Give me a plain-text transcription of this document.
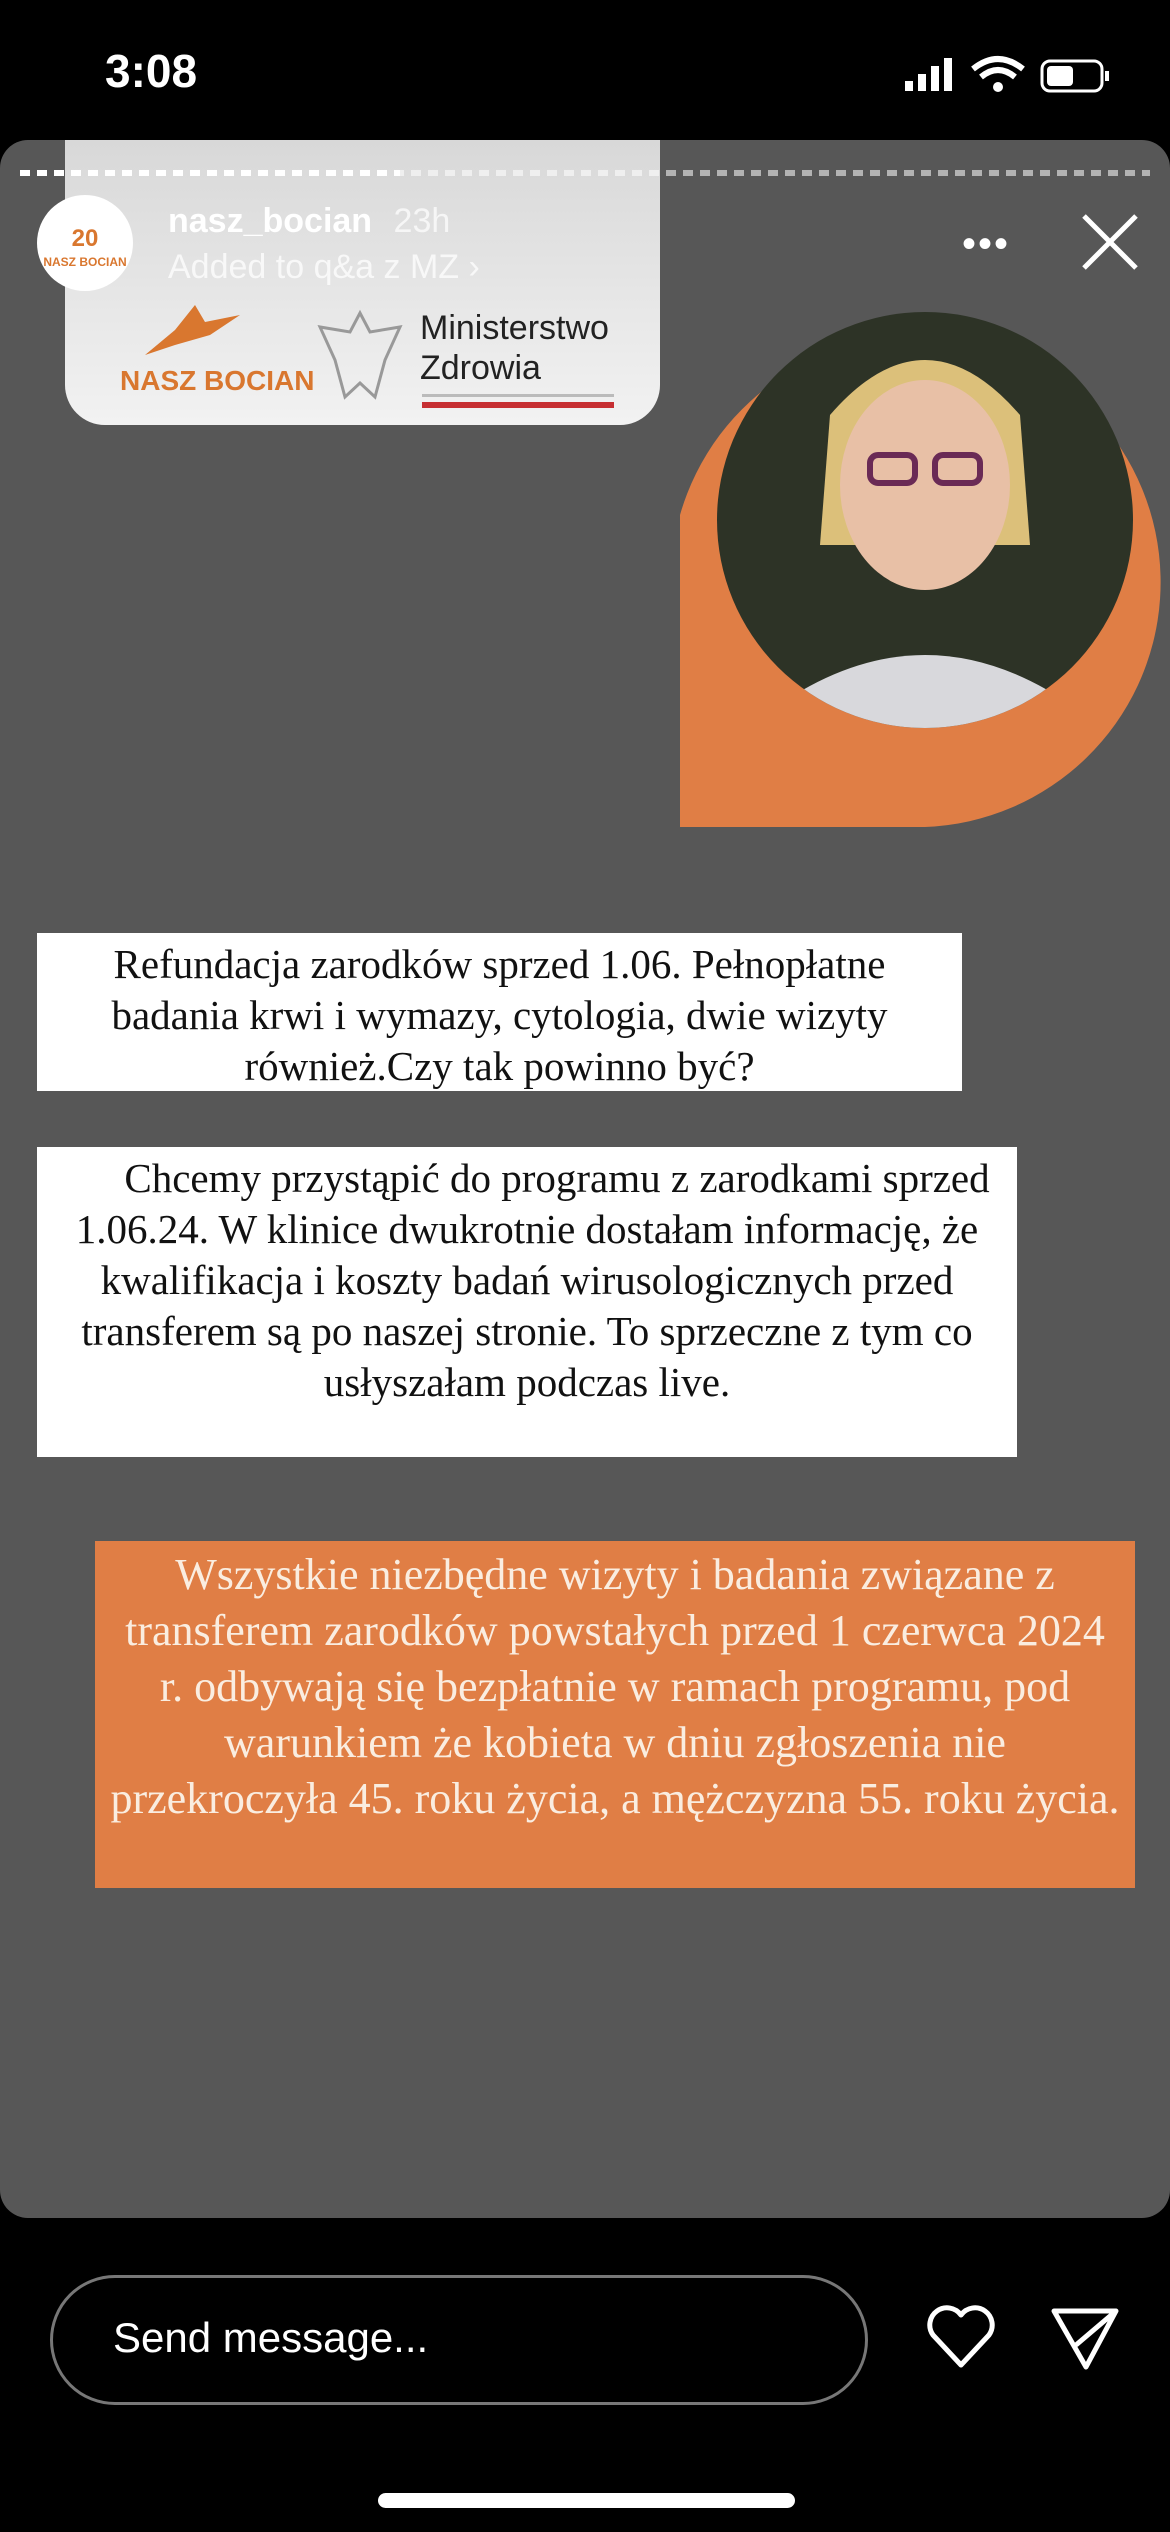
3:08
NASZ BOCIAN
Ministerstwo
Zdrowia
20
NASZ BOCIAN
nasz_bocian 23h
Added to q&a z MZ ›
•••
Refundacja zarodków sprzed 1.06. Pełnopłatne badania krwi i wymazy, cytologia, dwie wizyty również.Czy tak powinno być?
Chcemy przystąpić do programu z zarodkami sprzed 1.06.24. W klinice dwukrotnie dostałam informację, że kwalifikacja i koszty badań wirusologicznych przed transferem są po naszej stronie. To sprzeczne z tym co usłyszałam podczas live.
Wszystkie niezbędne wizyty i badania związane z transferem zarodków powstałych przed 1 czerwca 2024 r. odbywają się bezpłatnie w ramach programu, pod warunkiem że kobieta w dniu zgłoszenia nie przekroczyła 45. roku życia, a mężczyzna 55. roku życia.
Send message...
